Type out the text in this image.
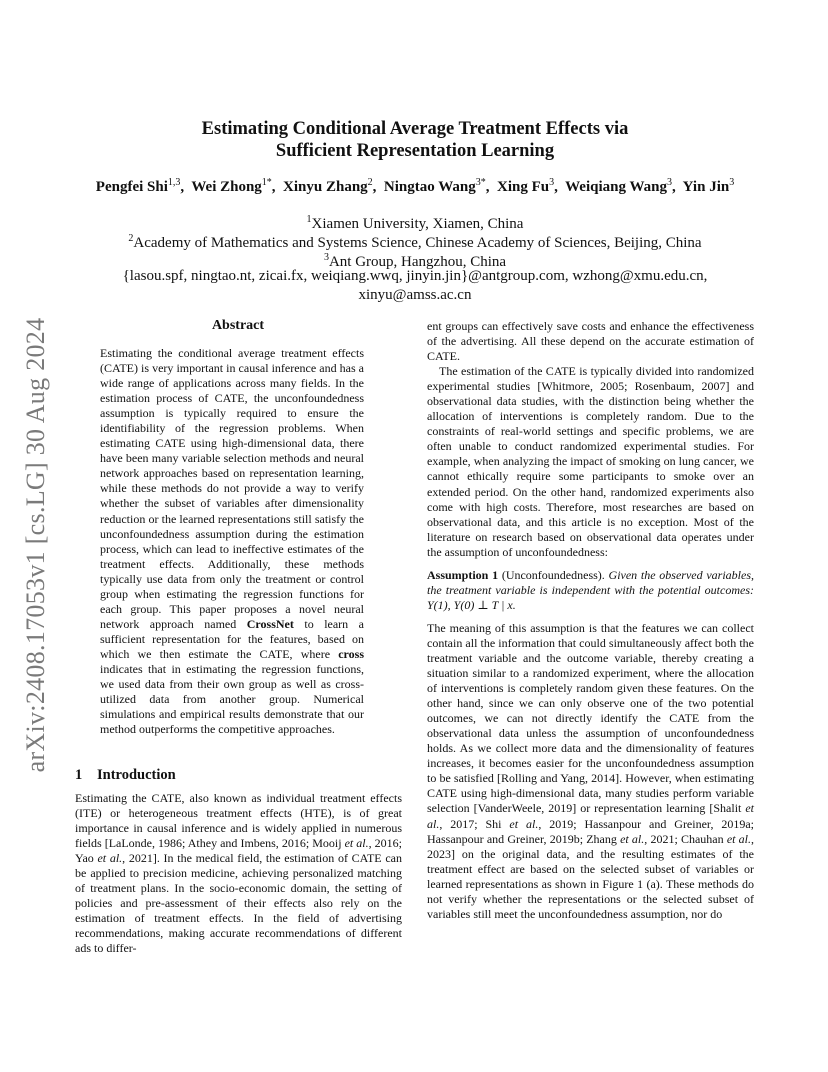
arXiv:2408.17053v1 [cs.LG] 30 Aug 2024
Estimating Conditional Average Treatment Effects via
Sufficient Representation Learning
Pengfei Shi$^{1,3}$,  Wei Zhong$^{1*}$,  Xinyu Zhang$^2$,  Ningtao Wang$^{3*}$,  Xing Fu$^3$,  Weiqiang Wang$^3$,  Yin Jin$^3$
$^1$Xiamen University, Xiamen, China
$^2$Academy of Mathematics and Systems Science, Chinese Academy of Sciences, Beijing, China
$^3$Ant Group, Hangzhou, China
{lasou.spf, ningtao.nt, zicai.fx, weiqiang.wwq, jinyin.jin}@antgroup.com, wzhong@xmu.edu.cn, xinyu@amss.ac.cn
Abstract

Estimating the conditional average treatment effects (CATE) is very important in causal inference and has a wide range of applications across many fields. In the estimation process of CATE, the unconfoundedness assumption is typically required to ensure the identifiability of the regression problems. When estimating CATE using high-dimensional data, there have been many variable selection methods and neural network approaches based on representation learning, while these methods do not provide a way to verify whether the subset of variables after dimensionality reduction or the learned representations still satisfy the unconfoundedness assumption during the estimation process, which can lead to ineffective estimates of the treatment effects. Additionally, these methods typically use data from only the treatment or control group when estimating the regression functions for each group. This paper proposes a novel neural network approach named CrossNet to learn a sufficient representation for the features, based on which we then estimate the CATE, where cross indicates that in estimating the regression functions, we used data from their own group as well as cross-utilized data from another group. Numerical simulations and empirical results demonstrate that our method outperforms the competitive approaches.

1 Introduction

Estimating the CATE, also known as individual treatment effects (ITE) or heterogeneous treatment effects (HTE), is of great importance in causal inference and is widely applied in numerous fields [LaLonde, 1986; Athey and Imbens, 2016; Mooij et al., 2016; Yao et al., 2021]. In the medical field, the estimation of CATE can be applied to precision medicine, achieving personalized matching of treatment plans. In the socio-economic domain, the setting of policies and pre-assessment of their effects also rely on the estimation of treatment effects. In the field of advertising recommendations, making accurate recommendations of different ads to differ-

ent groups can effectively save costs and enhance the effectiveness of the advertising. All these depend on the accurate estimation of CATE.

The estimation of the CATE is typically divided into randomized experimental studies [Whitmore, 2005; Rosenbaum, 2007] and observational data studies, with the distinction being whether the allocation of interventions is completely random. Due to the constraints of real-world settings and specific problems, we are often unable to conduct randomized experimental studies. For example, when analyzing the impact of smoking on lung cancer, we cannot ethically require some participants to smoke over an extended period. On the other hand, randomized experiments also come with high costs. Therefore, most researches are based on observational data, and this article is no exception. Most of the literature on research based on observational data operates under the assumption of unconfoundedness:

Assumption 1 (Unconfoundedness). Given the observed variables, the treatment variable is independent with the potential outcomes: Y(1), Y(0) ⊥ T | x.

The meaning of this assumption is that the features we can collect contain all the information that could simultaneously affect both the treatment variable and the outcome variable, thereby creating a situation similar to a randomized experiment, where the allocation of interventions is completely random given these features. On the other hand, since we can only observe one of the two potential outcomes, we can not directly identify the CATE from the observational data unless the assumption of unconfoundedness holds. As we collect more data and the dimensionality of features increases, it becomes easier for the unconfoundedness assumption to be satisfied [Rolling and Yang, 2014]. However, when estimating CATE using high-dimensional data, many studies perform variable selection [VanderWeele, 2019] or representation learning [Shalit et al., 2017; Shi et al., 2019; Hassanpour and Greiner, 2019a; Hassanpour and Greiner, 2019b; Zhang et al., 2021; Chauhan et al., 2023] on the original data, and the resulting estimates of the treatment effect are based on the selected subset of variables or learned representations as shown in Figure 1 (a). These methods do not verify whether the representations or the selected subset of variables still meet the unconfoundedness assumption, nor do
